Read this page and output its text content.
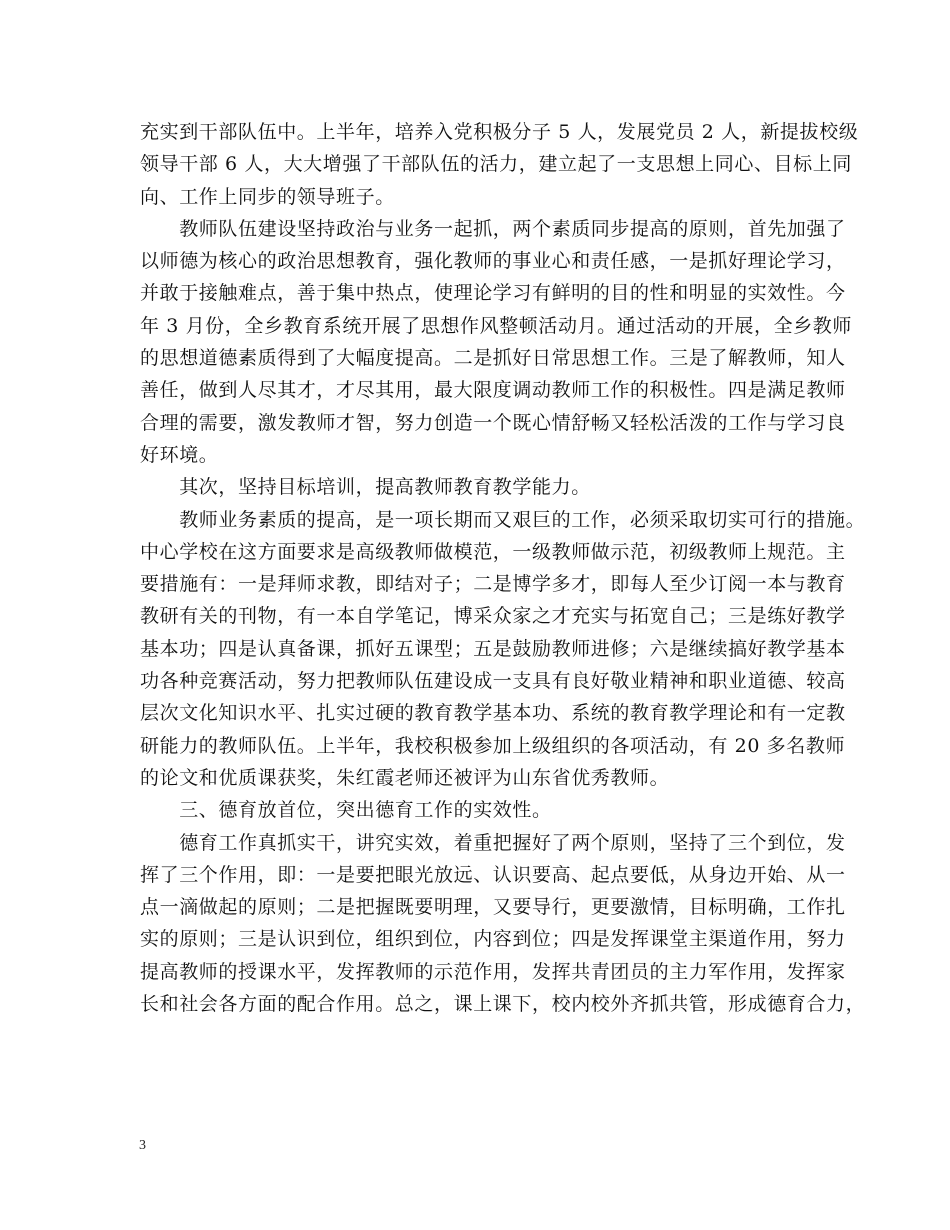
充实到干部队伍中。上半年，培养入党积极分子 5 人，发展党员 2 人，新提拔校级
领导干部 6 人，大大增强了干部队伍的活力，建立起了一支思想上同心、目标上同
向、工作上同步的领导班子。
　　教师队伍建设坚持政治与业务一起抓，两个素质同步提高的原则，首先加强了
以师德为核心的政治思想教育，强化教师的事业心和责任感，一是抓好理论学习，
并敢于接触难点，善于集中热点，使理论学习有鲜明的目的性和明显的实效性。今
年 3 月份，全乡教育系统开展了思想作风整顿活动月。通过活动的开展，全乡教师
的思想道德素质得到了大幅度提高。二是抓好日常思想工作。三是了解教师，知人
善任，做到人尽其才，才尽其用，最大限度调动教师工作的积极性。四是满足教师
合理的需要，激发教师才智，努力创造一个既心情舒畅又轻松活泼的工作与学习良
好环境。
　　其次，坚持目标培训，提高教师教育教学能力。
　　教师业务素质的提高，是一项长期而又艰巨的工作，必须采取切实可行的措施。
中心学校在这方面要求是高级教师做模范，一级教师做示范，初级教师上规范。主
要措施有：一是拜师求教，即结对子；二是博学多才，即每人至少订阅一本与教育
教研有关的刊物，有一本自学笔记，博采众家之才充实与拓宽自己；三是练好教学
基本功；四是认真备课，抓好五课型；五是鼓励教师进修；六是继续搞好教学基本
功各种竞赛活动，努力把教师队伍建设成一支具有良好敬业精神和职业道德、较高
层次文化知识水平、扎实过硬的教育教学基本功、系统的教育教学理论和有一定教
研能力的教师队伍。上半年，我校积极参加上级组织的各项活动，有 20 多名教师
的论文和优质课获奖，朱红霞老师还被评为山东省优秀教师。
　　三、德育放首位，突出德育工作的实效性。
　　德育工作真抓实干，讲究实效，着重把握好了两个原则，坚持了三个到位，发
挥了三个作用，即：一是要把眼光放远、认识要高、起点要低，从身边开始、从一
点一滴做起的原则；二是把握既要明理，又要导行，更要激情，目标明确，工作扎
实的原则；三是认识到位，组织到位，内容到位；四是发挥课堂主渠道作用，努力
提高教师的授课水平，发挥教师的示范作用，发挥共青团员的主力军作用，发挥家
长和社会各方面的配合作用。总之，课上课下，校内校外齐抓共管，形成德育合力，
3
